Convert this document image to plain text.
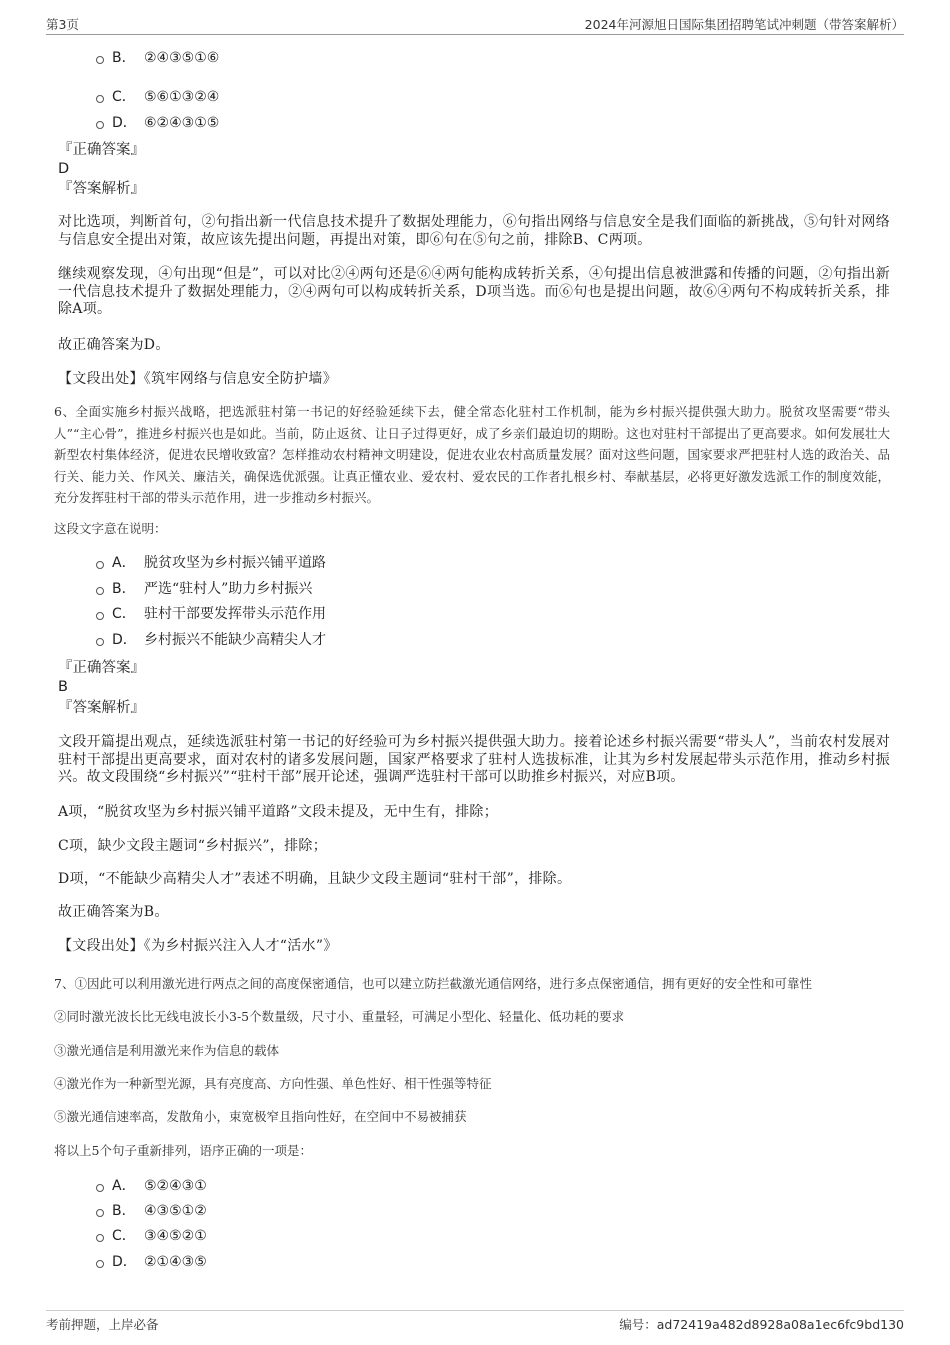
第3页	2024年河源旭日国际集团招聘笔试冲刺题（带答案解析）
B． ②④③⑤①⑥
C． ⑤⑥①③②④
D． ⑥②④③①⑤
『正确答案』
D
『答案解析』
对比选项，判断首句，②句指出新一代信息技术提升了数据处理能力，⑥句指出网络与信息安全是我们面临的新挑战，⑤句针对网络与信息安全提出对策，故应该先提出问题，再提出对策，即⑥句在⑤句之前，排除B、C两项。
继续观察发现，④句出现“但是”，可以对比②④两句还是⑥④两句能构成转折关系，④句提出信息被泄露和传播的问题，②句指出新一代信息技术提升了数据处理能力，②④两句可以构成转折关系，D项当选。而⑥句也是提出问题，故⑥④两句不构成转折关系，排除A项。
故正确答案为D。
【文段出处】《筑牢网络与信息安全防护墙》
6、全面实施乡村振兴战略，把选派驻村第一书记的好经验延续下去，健全常态化驻村工作机制，能为乡村振兴提供强大助力。脱贫攻坚需要“带头人”“主心骨”，推进乡村振兴也是如此。当前，防止返贫、让日子过得更好，成了乡亲们最迫切的期盼。这也对驻村干部提出了更高要求。如何发展壮大新型农村集体经济，促进农民增收致富？怎样推动农村精神文明建设，促进农业农村高质量发展？面对这些问题，国家要求严把驻村人选的政治关、品行关、能力关、作风关、廉洁关，确保选优派强。让真正懂农业、爱农村、爱农民的工作者扎根乡村、奉献基层，必将更好激发选派工作的制度效能，充分发挥驻村干部的带头示范作用，进一步推动乡村振兴。
这段文字意在说明：
A． 脱贫攻坚为乡村振兴铺平道路
B． 严选“驻村人”助力乡村振兴
C． 驻村干部要发挥带头示范作用
D． 乡村振兴不能缺少高精尖人才
『正确答案』
B
『答案解析』
文段开篇提出观点，延续选派驻村第一书记的好经验可为乡村振兴提供强大助力。接着论述乡村振兴需要“带头人”，当前农村发展对驻村干部提出更高要求，面对农村的诸多发展问题，国家严格要求了驻村人选拔标准，让其为乡村发展起带头示范作用，推动乡村振兴。故文段围绕“乡村振兴”“驻村干部”展开论述，强调严选驻村干部可以助推乡村振兴，对应B项。
A项，“脱贫攻坚为乡村振兴铺平道路”文段未提及，无中生有，排除；
C项，缺少文段主题词“乡村振兴”，排除；
D项，“不能缺少高精尖人才”表述不明确，且缺少文段主题词“驻村干部”，排除。
故正确答案为B。
【文段出处】《为乡村振兴注入人才“活水”》
7、①因此可以利用激光进行两点之间的高度保密通信，也可以建立防拦截激光通信网络，进行多点保密通信，拥有更好的安全性和可靠性
②同时激光波长比无线电波长小3-5个数量级，尺寸小、重量轻，可满足小型化、轻量化、低功耗的要求
③激光通信是利用激光来作为信息的载体
④激光作为一种新型光源，具有亮度高、方向性强、单色性好、相干性强等特征
⑤激光通信速率高，发散角小，束宽极窄且指向性好，在空间中不易被捕获
将以上5个句子重新排列，语序正确的一项是：
A． ⑤②④③①
B． ④③⑤①②
C． ③④⑤②①
D． ②①④③⑤
考前押题，上岸必备	编号：ad72419a482d8928a08a1ec6fc9bd130
